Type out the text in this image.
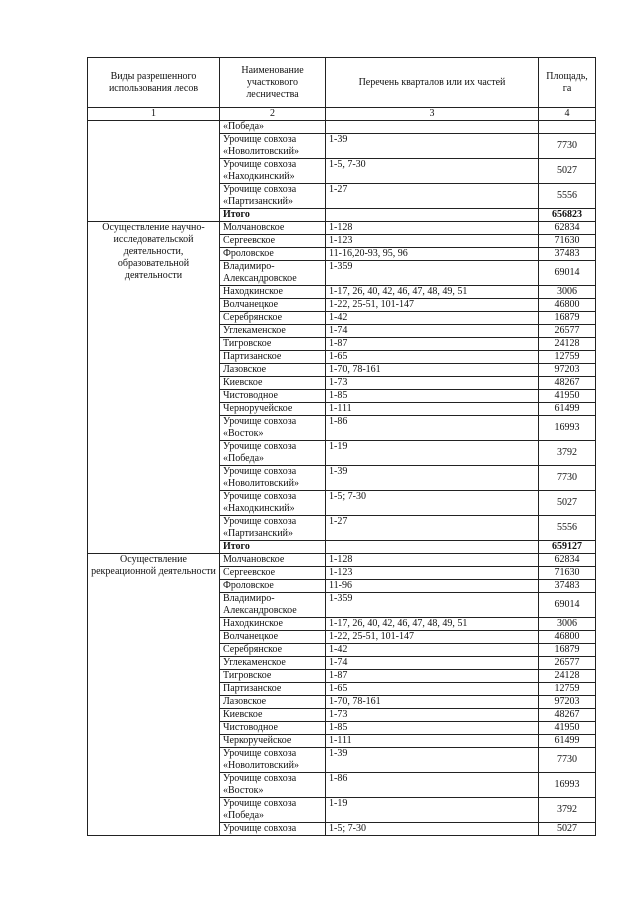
Виды разрешенного использования лесов	Наименование участкового лесничества	Перечень кварталов или их частей	Площадь, га
1	2	3	4
	«Победа»		
	Урочище совхоза «Новолитовский»	1-39	7730
	Урочище совхоза «Находкинский»	1-5, 7-30	5027
	Урочище совхоза «Партизанский»	1-27	5556
	Итого		656823
Осуществление научно-исследовательской деятельности, образовательной деятельности	Молчановское	1-128	62834
	Сергеевское	1-123	71630
	Фроловское	11-16,20-93, 95, 96	37483
	Владимиро-Александровское	1-359	69014
	Находкинское	1-17, 26, 40, 42, 46, 47, 48, 49, 51	3006
	Волчанецкое	1-22, 25-51, 101-147	46800
	Серебрянское	1-42	16879
	Углекаменское	1-74	26577
	Тигровское	1-87	24128
	Партизанское	1-65	12759
	Лазовское	1-70, 78-161	97203
	Киевское	1-73	48267
	Чистоводное	1-85	41950
	Черноручейское	1-111	61499
	Урочище совхоза «Восток»	1-86	16993
	Урочище совхоза «Победа»	1-19	3792
	Урочище совхоза «Новолитовский»	1-39	7730
	Урочище совхоза «Находкинский»	1-5; 7-30	5027
	Урочище совхоза «Партизанский»	1-27	5556
	Итого		659127
Осуществление рекреационной деятельности	Молчановское	1-128	62834
	Сергеевское	1-123	71630
	Фроловское	11-96	37483
	Владимиро-Александровское	1-359	69014
	Находкинское	1-17, 26, 40, 42, 46, 47, 48, 49, 51	3006
	Волчанецкое	1-22, 25-51, 101-147	46800
	Серебрянское	1-42	16879
	Углекаменское	1-74	26577
	Тигровское	1-87	24128
	Партизанское	1-65	12759
	Лазовское	1-70, 78-161	97203
	Киевское	1-73	48267
	Чистоводное	1-85	41950
	Черкоручейское	1-111	61499
	Урочище совхоза «Новолитовский»	1-39	7730
	Урочище совхоза «Восток»	1-86	16993
	Урочище совхоза «Победа»	1-19	3792
	Урочище совхоза	1-5; 7-30	5027
